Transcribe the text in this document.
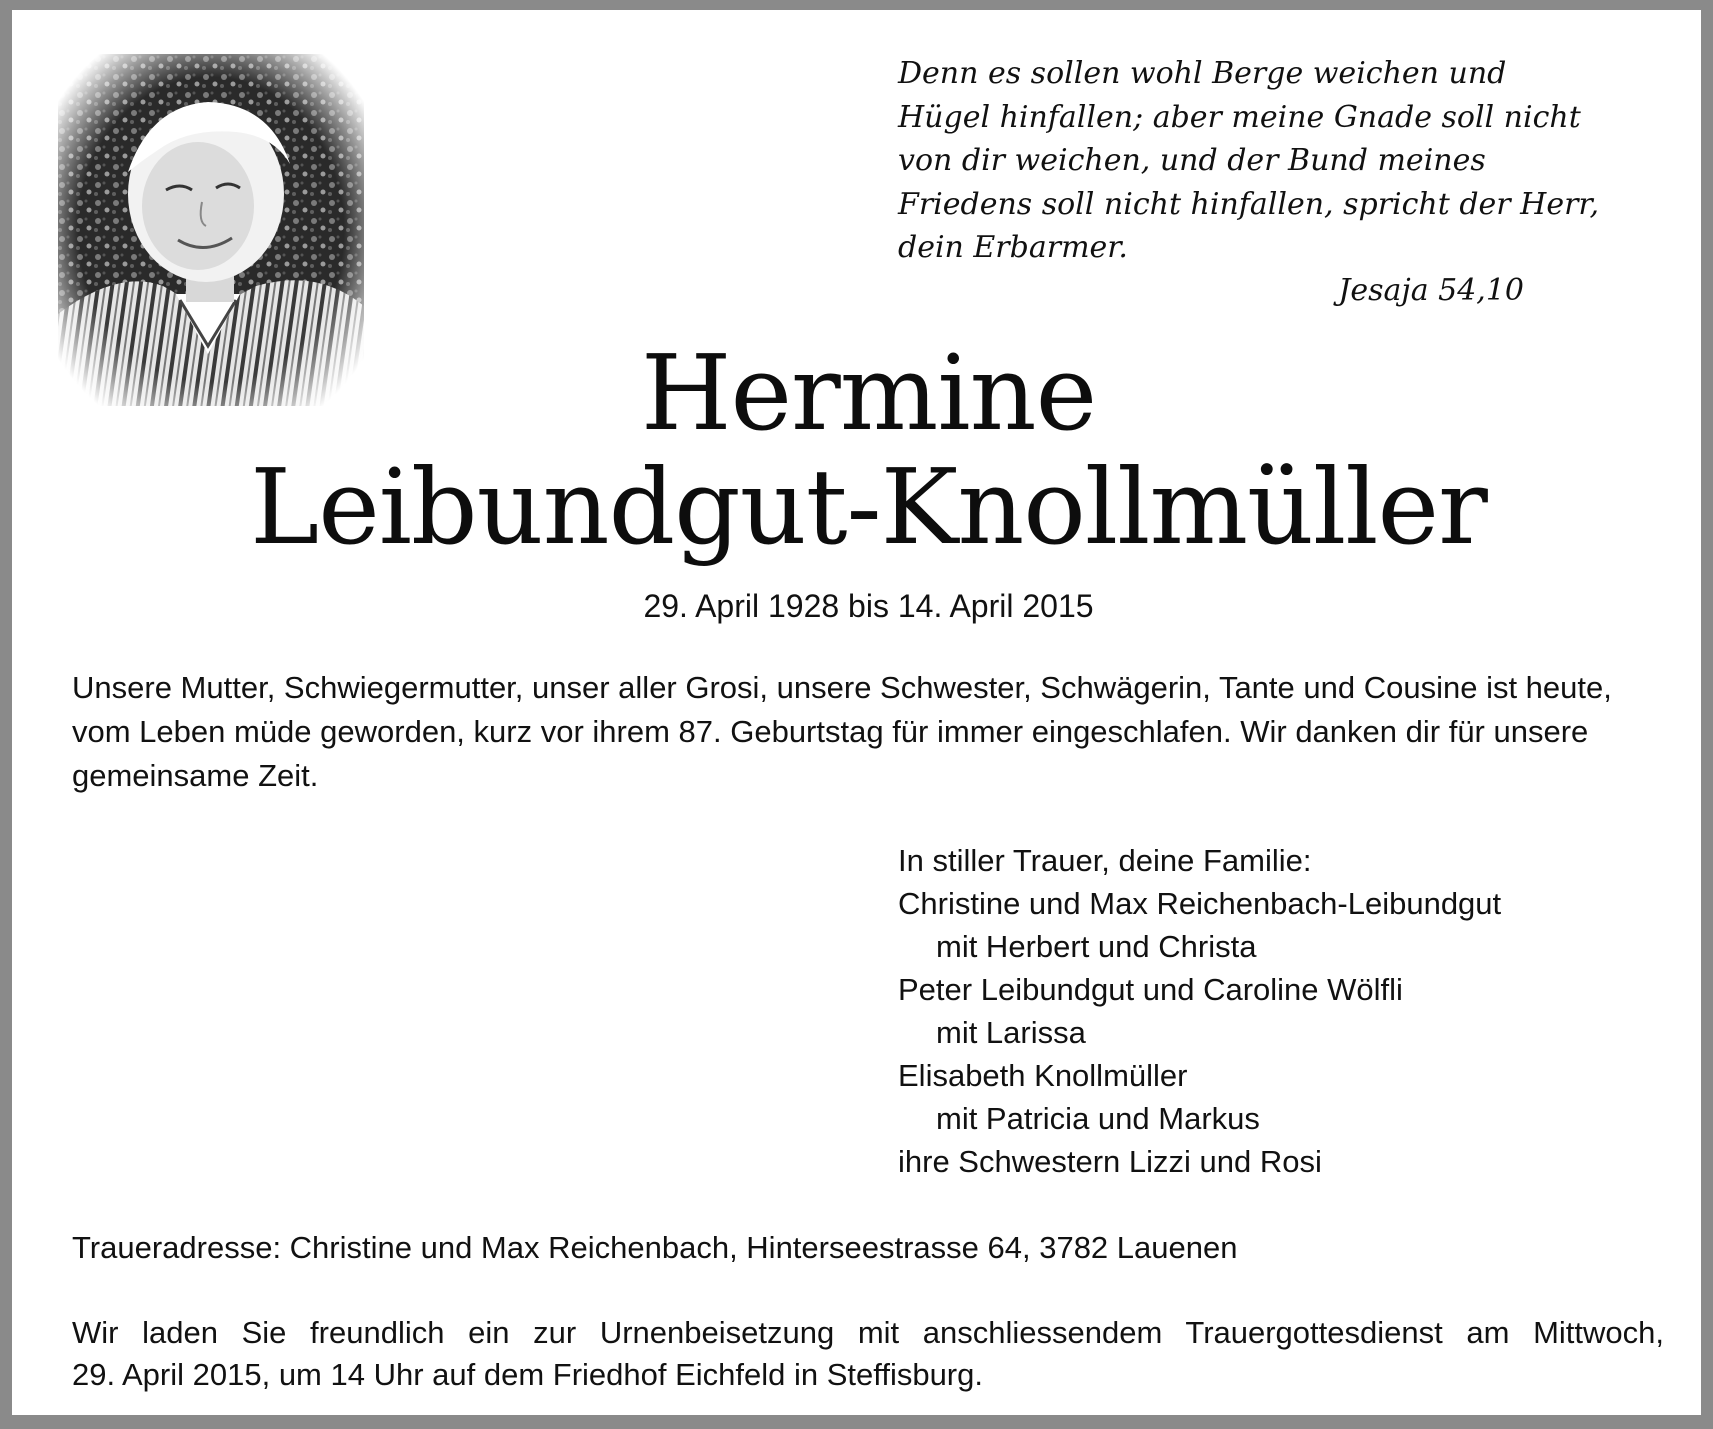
Denn es sollen wohl Berge weichen und
Hügel hinfallen; aber meine Gnade soll nicht
von dir weichen, und der Bund meines
Friedens soll nicht hinfallen, spricht der Herr,
dein Erbarmer.
Jesaja 54,10
Hermine
Leibundgut-Knollmüller
29. April 1928 bis 14. April 2015
Unsere Mutter, Schwiegermutter, unser aller Grosi, unsere Schwester, Schwägerin, Tante und Cousine ist heute,
vom Leben müde geworden, kurz vor ihrem 87. Geburtstag für immer eingeschlafen. Wir danken dir für unsere
gemeinsame Zeit.
In stiller Trauer, deine Familie:
Christine und Max Reichenbach-Leibundgut
mit Herbert und Christa
Peter Leibundgut und Caroline Wölfli
mit Larissa
Elisabeth Knollmüller
mit Patricia und Markus
ihre Schwestern Lizzi und Rosi
Traueradresse: Christine und Max Reichenbach, Hinterseestrasse 64, 3782 Lauenen
Wir laden Sie freundlich ein zur Urnenbeisetzung mit anschliessendem Trauergottesdienst am Mittwoch,
29. April 2015, um 14 Uhr auf dem Friedhof Eichfeld in Steffisburg.
